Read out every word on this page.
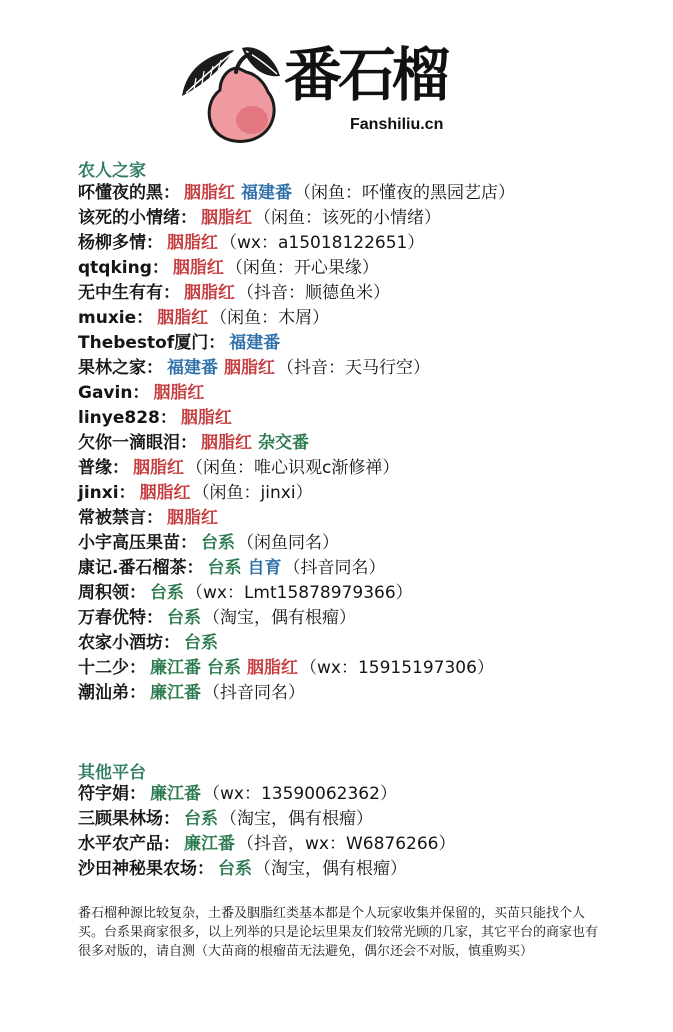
番石榴
Fanshiliu.cn
农人之家
吥懂夜的黑： 胭脂红 福建番 （闲鱼：吥懂夜的黑园艺店）
该死的小情绪： 胭脂红 （闲鱼：该死的小情绪）
杨柳多情： 胭脂红 （wx：a15018122651）
qtqking： 胭脂红 （闲鱼：开心果缘）
无中生有有： 胭脂红 （抖音：顺德鱼米）
muxie： 胭脂红 （闲鱼：木屑）
Thebestof厦门： 福建番
果林之家： 福建番 胭脂红 （抖音：天马行空）
Gavin： 胭脂红
linye828： 胭脂红
欠你一滴眼泪： 胭脂红 杂交番
普缘： 胭脂红 （闲鱼：唯心识观c渐修禅）
jinxi： 胭脂红 （闲鱼：jinxi）
常被禁言： 胭脂红
小宇高压果苗： 台系 （闲鱼同名）
康记.番石榴茶： 台系 自育 （抖音同名）
周积领： 台系 （wx：Lmt15878979366）
万春优特： 台系 （淘宝，偶有根瘤）
农家小酒坊： 台系
十二少： 廉江番 台系 胭脂红 （wx：15915197306）
潮汕弟： 廉江番 （抖音同名）
其他平台
符宇娟： 廉江番 （wx：13590062362）
三顾果林场： 台系 （淘宝，偶有根瘤）
水平农产品： 廉江番 （抖音，wx：W6876266）
沙田神秘果农场： 台系 （淘宝，偶有根瘤）

番石榴种源比较复杂，土番及胭脂红类基本都是个人玩家收集并保留的，买苗只能找个人买。台系果商家很多，以上列举的只是论坛里果友们较常光顾的几家，其它平台的商家也有很多对版的，请自测（大苗商的根瘤苗无法避免，偶尔还会不对版，慎重购买）
